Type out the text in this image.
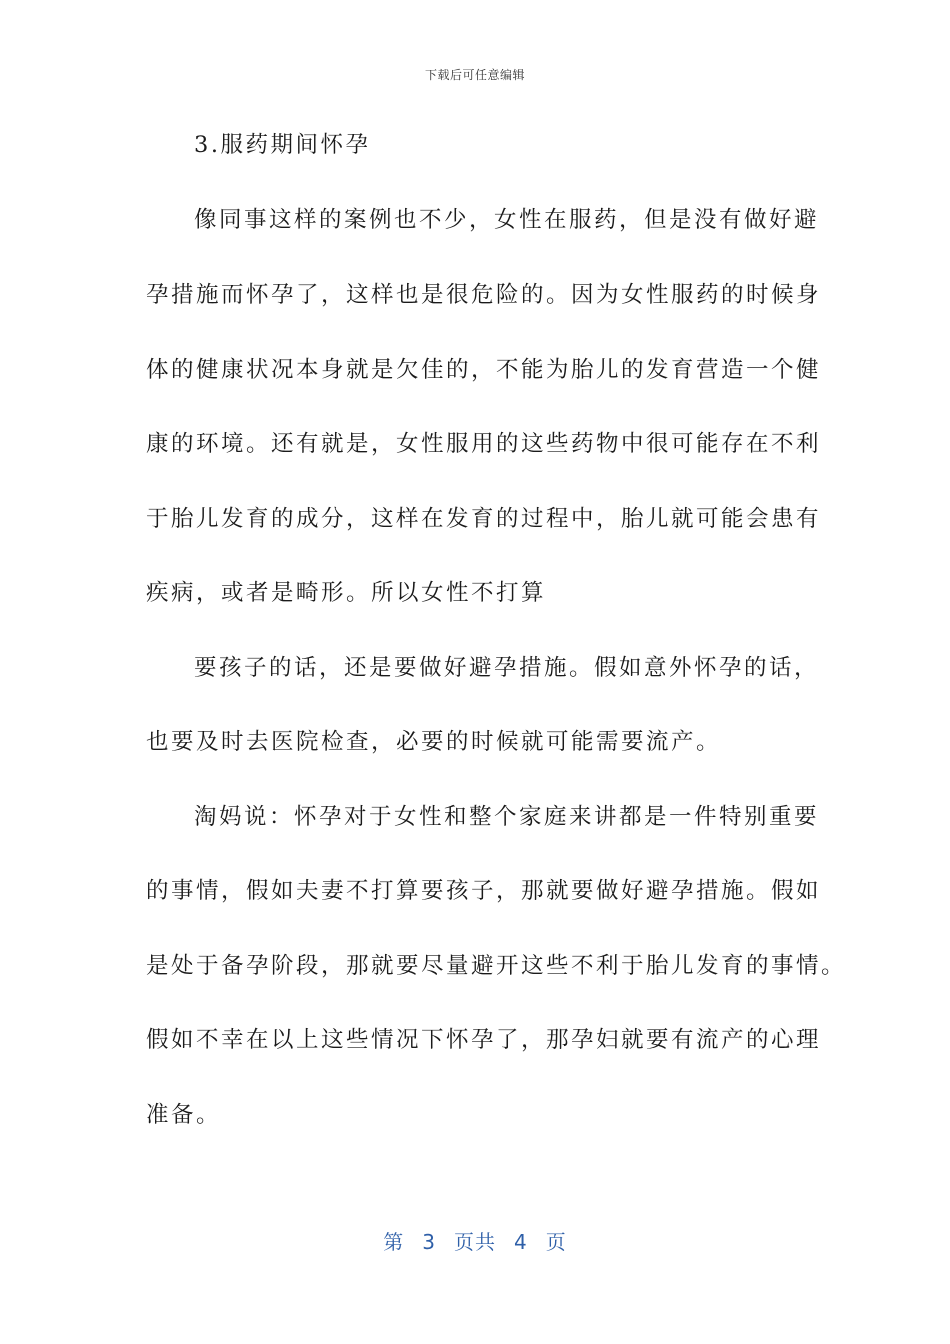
下载后可任意编辑
3.服药期间怀孕
像同事这样的案例也不少，女性在服药，但是没有做好避
孕措施而怀孕了，这样也是很危险的。因为女性服药的时候身
体的健康状况本身就是欠佳的，不能为胎儿的发育营造一个健
康的环境。还有就是，女性服用的这些药物中很可能存在不利
于胎儿发育的成分，这样在发育的过程中，胎儿就可能会患有
疾病，或者是畸形。所以女性不打算
要孩子的话，还是要做好避孕措施。假如意外怀孕的话，
也要及时去医院检查，必要的时候就可能需要流产。
淘妈说：怀孕对于女性和整个家庭来讲都是一件特别重要
的事情，假如夫妻不打算要孩子，那就要做好避孕措施。假如
是处于备孕阶段，那就要尽量避开这些不利于胎儿发育的事情。
假如不幸在以上这些情况下怀孕了，那孕妇就要有流产的心理
准备。
第 3 页共 4 页
